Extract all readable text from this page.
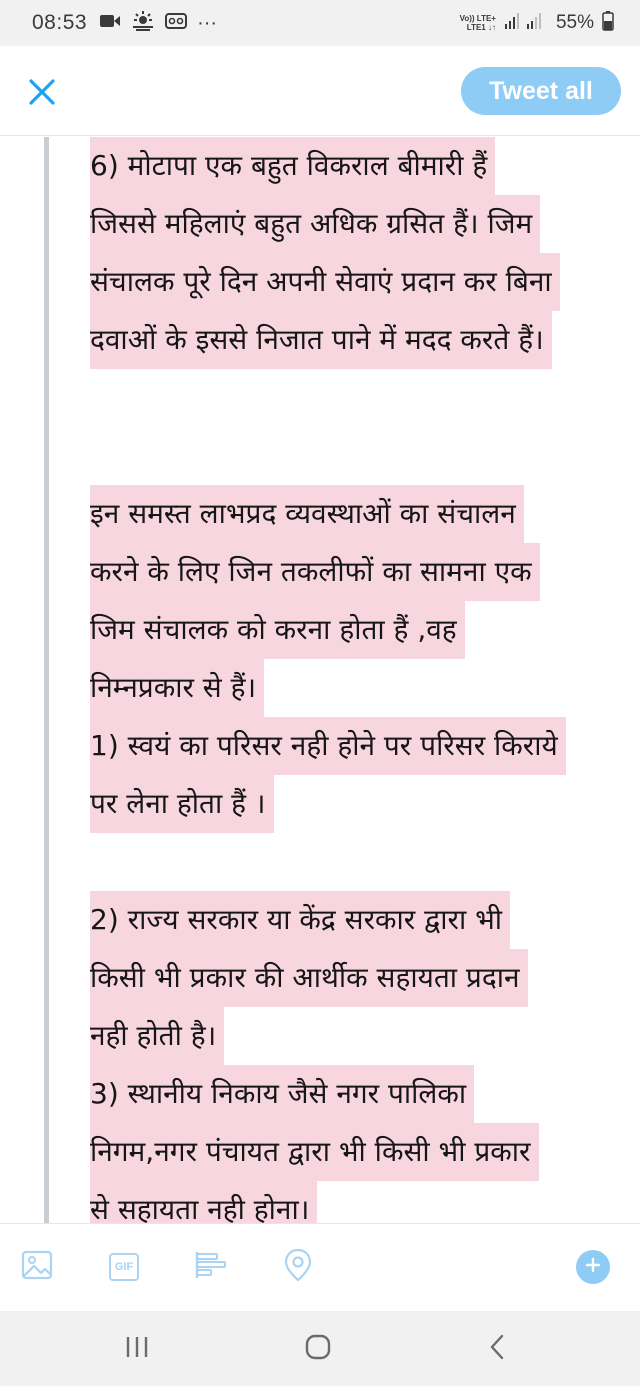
08:53	···	Vo)) LTE+
LTE1 ↓↑	55%
Tweet all
6) मोटापा एक बहुत विकराल बीमारी हैं
जिससे महिलाएं बहुत अधिक ग्रसित हैं। जिम
संचालक पूरे दिन अपनी सेवाएं प्रदान कर बिना
दवाओं के इससे निजात पाने में मदद करते हैं।
इन समस्त लाभप्रद व्यवस्थाओं का संचालन
करने के लिए जिन तकलीफों का सामना एक
जिम संचालक को करना होता हैं ,वह
निम्नप्रकार से हैं।
1) स्वयं का परिसर नही होने पर परिसर किराये
पर लेना होता हैं ।
2) राज्य सरकार या केंद्र सरकार द्वारा भी
किसी भी प्रकार की आर्थीक सहायता प्रदान
नही होती है।
3) स्थानीय निकाय जैसे नगर पालिका
निगम,नगर पंचायत द्वारा भी किसी भी प्रकार
से सहायता नही होना।
GIF
